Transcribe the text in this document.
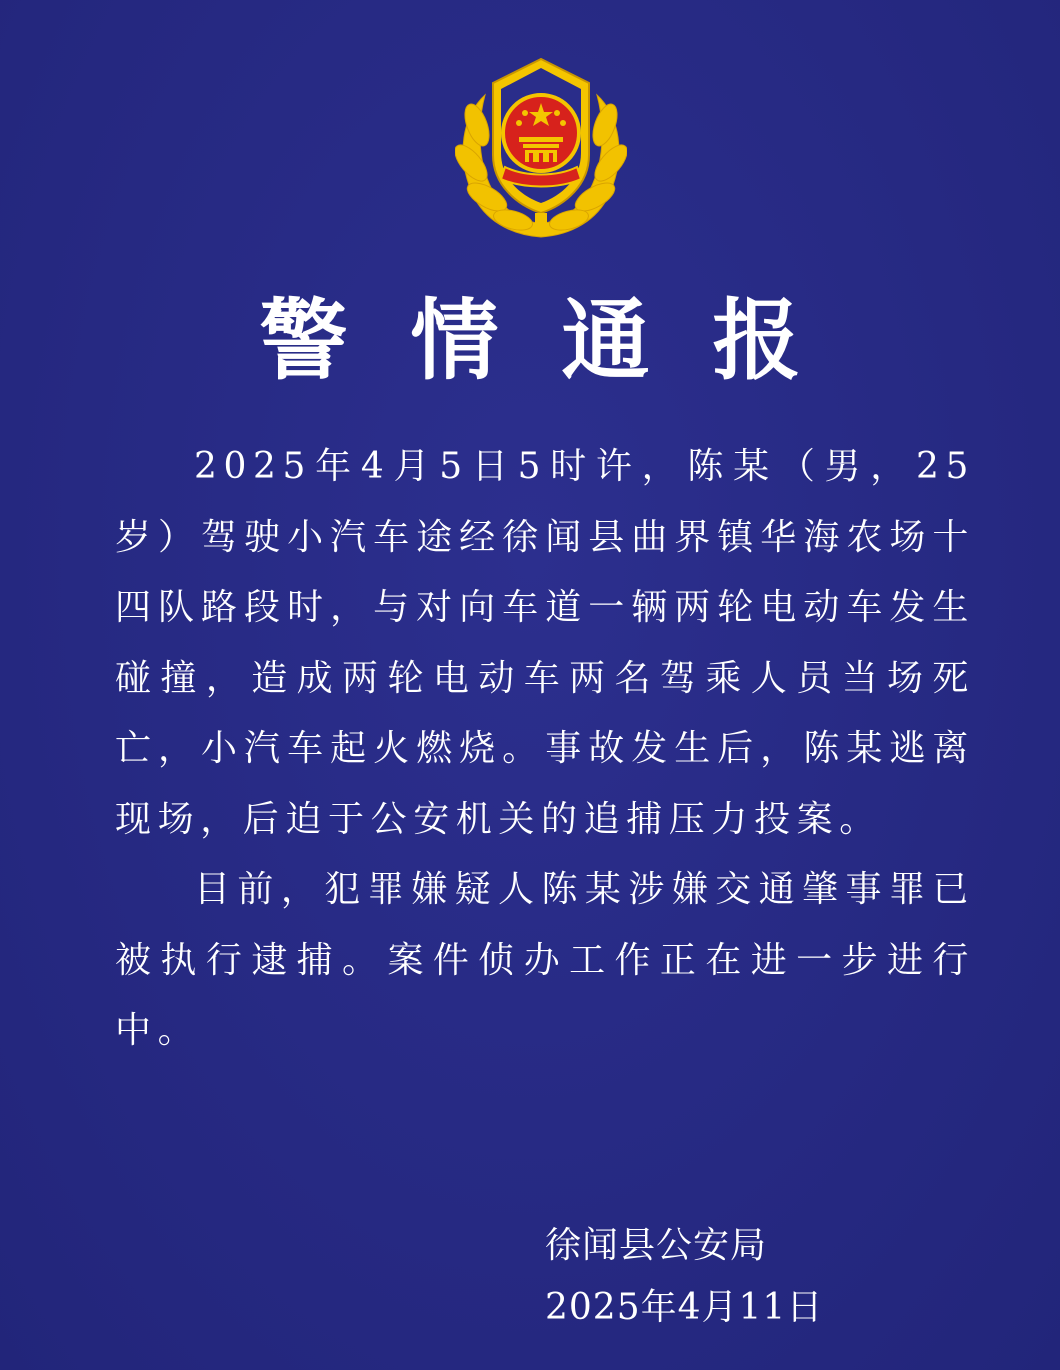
警 情 通 报

2025年4月5日5时许，陈某（男，25岁）驾驶小汽车途经徐闻县曲界镇华海农场十四队路段时，与对向车道一辆两轮电动车发生碰撞，造成两轮电动车两名驾乘人员当场死亡，小汽车起火燃烧。事故发生后，陈某逃离现场，后迫于公安机关的追捕压力投案。

目前，犯罪嫌疑人陈某涉嫌交通肇事罪已被执行逮捕。案件侦办工作正在进一步进行中。

徐闻县公安局
2025年4月11日
